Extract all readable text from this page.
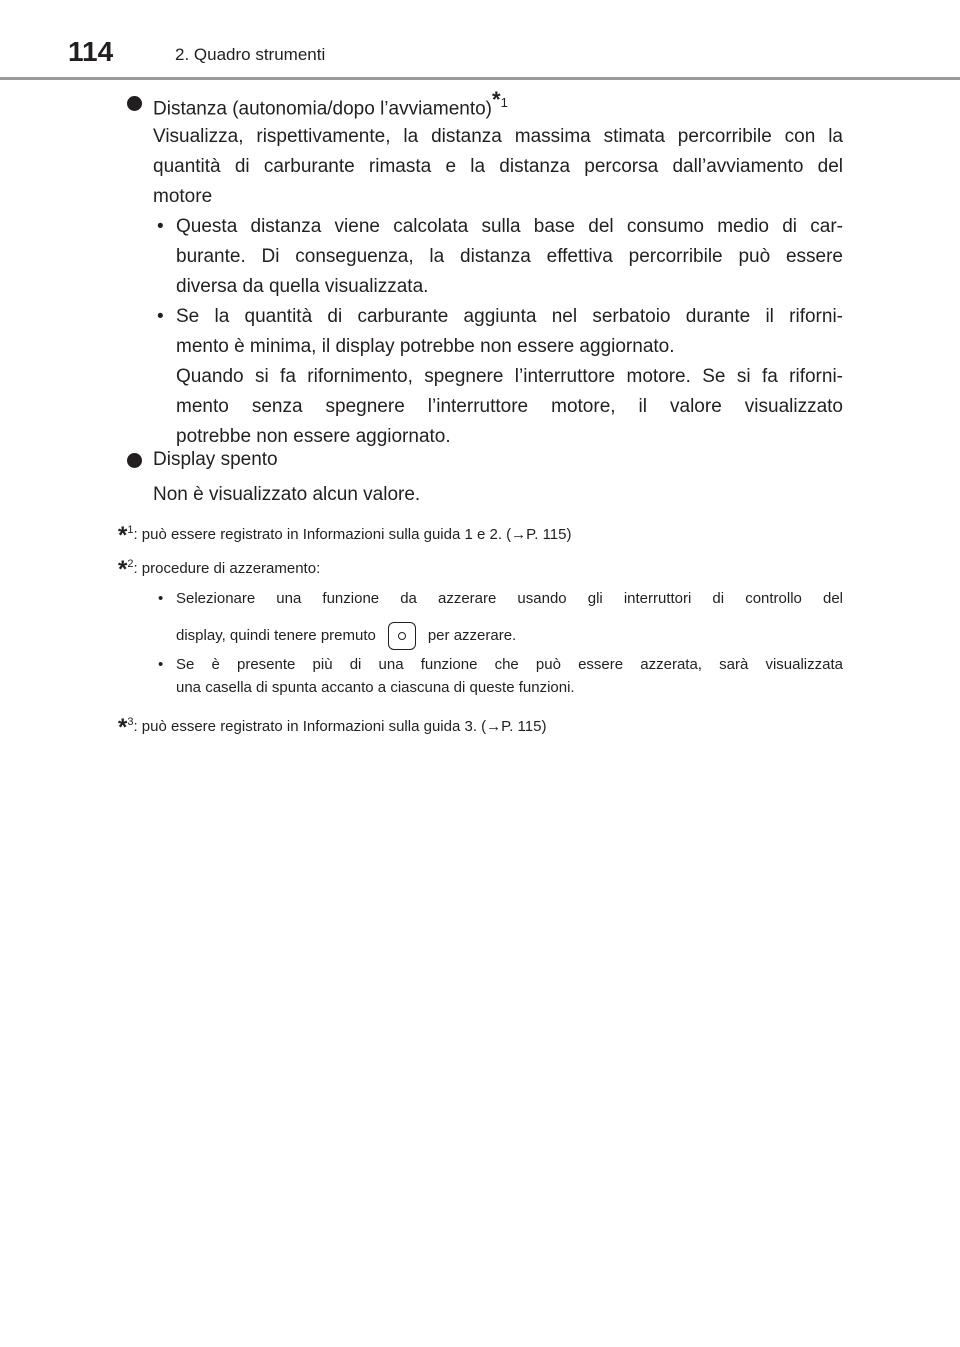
114	2. Quadro strumenti
Distanza (autonomia/dopo l’avviamento)*$^1$
Visualizza, rispettivamente, la distanza massima stimata percorribile con la
quantità di carburante rimasta e la distanza percorsa dall’avviamento del
motore
• Questa distanza viene calcolata sulla base del consumo medio di car-
burante. Di conseguenza, la distanza effettiva percorribile può essere
diversa da quella visualizzata.
• Se la quantità di carburante aggiunta nel serbatoio durante il riforni-
mento è minima, il display potrebbe non essere aggiornato.
Quando si fa rifornimento, spegnere l’interruttore motore. Se si fa riforni-
mento senza spegnere l’interruttore motore, il valore visualizzato
potrebbe non essere aggiornato.
Display spento
Non è visualizzato alcun valore.
*$^1$: può essere registrato in Informazioni sulla guida 1 e 2. (→P. 115)
*$^2$: procedure di azzeramento:
• Selezionare una funzione da azzerare usando gli interruttori di controllo del
display, quindi tenere premuto	per azzerare.
• Se è presente più di una funzione che può essere azzerata, sarà visualizzata
una casella di spunta accanto a ciascuna di queste funzioni.
*$^3$: può essere registrato in Informazioni sulla guida 3. (→P. 115)
